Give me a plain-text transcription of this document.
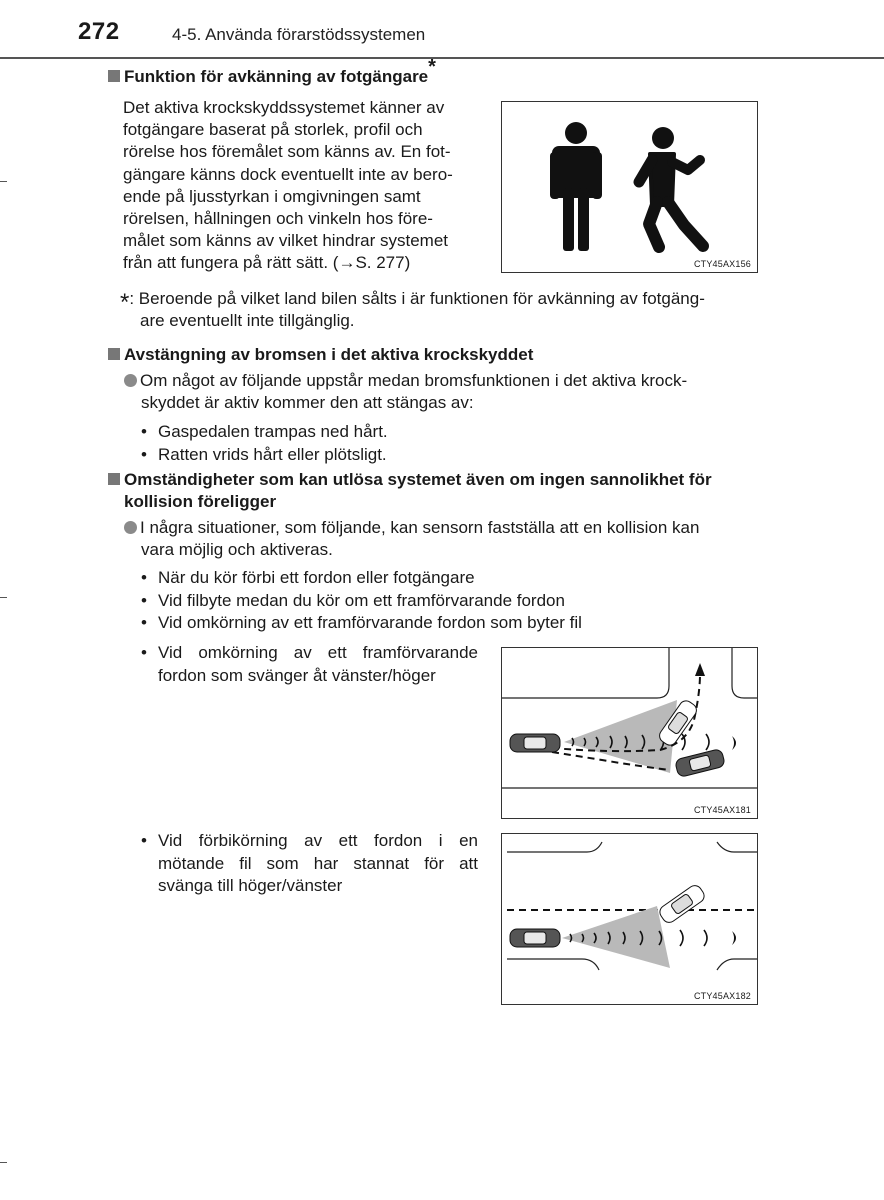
272	4-5. Använda förarstödssystemen
Funktion för avkänning av fotgängare*
Det aktiva krockskyddssystemet känner av
fotgängare baserat på storlek, profil och
rörelse hos föremålet som känns av. En fot-
gängare känns dock eventuellt inte av bero-
ende på ljusstyrkan i omgivningen samt
rörelsen, hållningen och vinkeln hos före-
målet som känns av vilket hindrar systemet
från att fungera på rätt sätt. (→S. 277)	CTY45AX156
*: Beroende på vilket land bilen sålts i är funktionen för avkänning av fotgäng-
are eventuellt inte tillgänglig.
Avstängning av bromsen i det aktiva krockskyddet
Om något av följande uppstår medan bromsfunktionen i det aktiva krock-
skyddet är aktiv kommer den att stängas av:
• Gaspedalen trampas ned hårt.
• Ratten vrids hårt eller plötsligt.
Omständigheter som kan utlösa systemet även om ingen sannolikhet för
kollision föreligger
I några situationer, som följande, kan sensorn fastställa att en kollision kan
vara möjlig och aktiveras.
• När du kör förbi ett fordon eller fotgängare
• Vid filbyte medan du kör om ett framförvarande fordon
• Vid omkörning av ett framförvarande fordon som byter fil
• Vid omkörning av ett framförvarande
fordon som svänger åt vänster/höger
CTY45AX181
• Vid förbikörning av ett fordon i en
mötande fil som har stannat för att
svänga till höger/vänster
CTY45AX182
